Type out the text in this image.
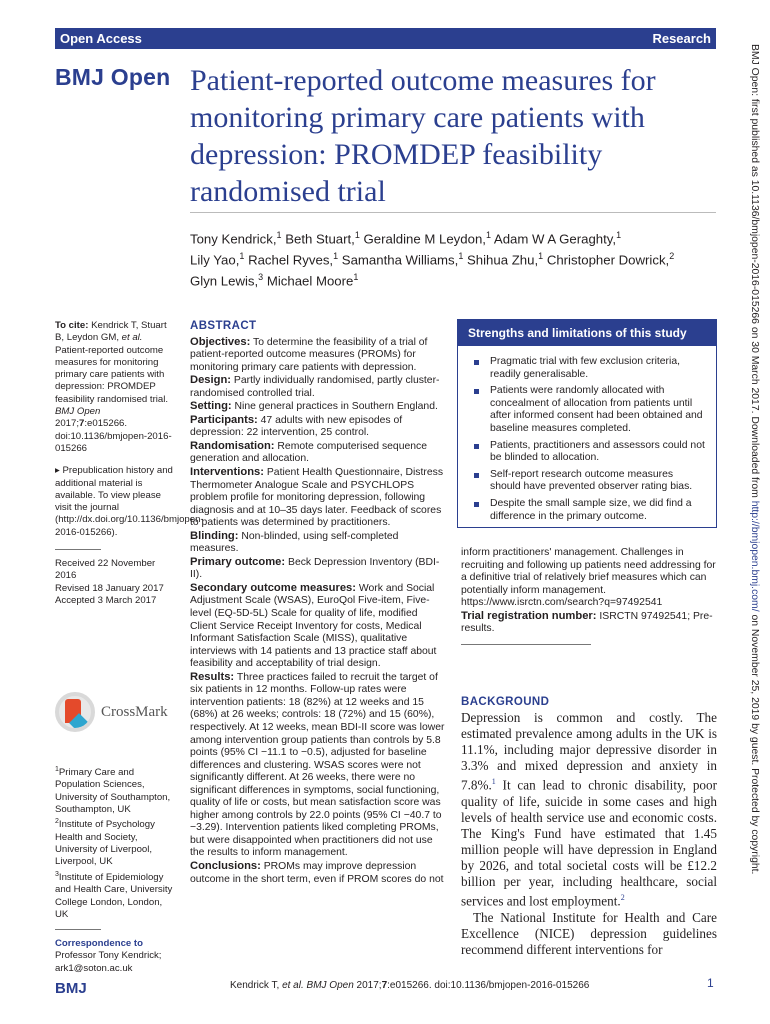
Open Access	Research
BMJ Open Patient-reported outcome measures for monitoring primary care patients with depression: PROMDEP feasibility randomised trial
Tony Kendrick,$^1$ Beth Stuart,$^1$ Geraldine M Leydon,$^1$ Adam W A Geraghty,$^1$
Lily Yao,$^1$ Rachel Ryves,$^1$ Samantha Williams,$^1$ Shihua Zhu,$^1$ Christopher Dowrick,$^2$
Glyn Lewis,$^3$ Michael Moore$^1$

To cite: Kendrick T, Stuart B, Leydon GM, et al. Patient-reported outcome measures for monitoring primary care patients with depression: PROMDEP feasibility randomised trial. BMJ Open 2017;7:e015266. doi:10.1136/bmjopen-2016-015266

▸ Prepublication history and additional material is available. To view please visit the journal (http://dx.doi.org/10.1136/bmjopen-2016-015266).

Received 22 November 2016

Revised 18 January 2017

Accepted 3 March 2017

CrossMark

$^1$Primary Care and Population Sciences, University of Southampton, Southampton, UK

$^2$Institute of Psychology Health and Society, University of Liverpool, Liverpool, UK

$^3$Institute of Epidemiology and Health Care, University College London, London, UK

Correspondence to

Professor Tony Kendrick; ark1@soton.ac.uk

ABSTRACT

Objectives: To determine the feasibility of a trial of patient-reported outcome measures (PROMs) for monitoring primary care patients with depression.

Design: Partly individually randomised, partly cluster-randomised controlled trial.

Setting: Nine general practices in Southern England.

Participants: 47 adults with new episodes of depression: 22 intervention, 25 control.

Randomisation: Remote computerised sequence generation and allocation.

Interventions: Patient Health Questionnaire, Distress Thermometer Analogue Scale and PSYCHLOPS problem profile for monitoring depression, following diagnosis and at 10–35 days later. Feedback of scores to patients was determined by practitioners.

Blinding: Non-blinded, using self-completed measures.

Primary outcome: Beck Depression Inventory (BDI-II).

Secondary outcome measures: Work and Social Adjustment Scale (WSAS), EuroQol Five-item, Five-level (EQ-5D-5L) Scale for quality of life, modified Client Service Receipt Inventory for costs, Medical Informant Satisfaction Scale (MISS), qualitative interviews with 14 patients and 13 practice staff about feasibility and acceptability of trial design.

Results: Three practices failed to recruit the target of six patients in 12 months. Follow-up rates were intervention patients: 18 (82%) at 12 weeks and 15 (68%) at 26 weeks; controls: 18 (72%) and 15 (60%), respectively. At 12 weeks, mean BDI-II score was lower among intervention group patients than controls by 5.8 points (95% CI −11.1 to −0.5), adjusted for baseline differences and clustering. WSAS scores were not significantly different. At 26 weeks, there were no significant differences in symptoms, social functioning, quality of life or costs, but mean satisfaction score was higher among controls by 22.0 points (95% CI −40.7 to −3.29). Intervention patients liked completing PROMs, but were disappointed when practitioners did not use the results to inform management.

Conclusions: PROMs may improve depression outcome in the short term, even if PROM scores do not

Strengths and limitations of this study
Pragmatic trial with few exclusion criteria, readily generalisable.
Patients were randomly allocated with concealment of allocation from patients until after informed consent had been obtained and baseline measures completed.
Patients, practitioners and assessors could not be blinded to allocation.
Self-report research outcome measures should have prevented observer rating bias.
Despite the small sample size, we did find a difference in the primary outcome.

inform practitioners' management. Challenges in recruiting and following up patients need addressing for a definitive trial of relatively brief measures which can potentially inform management. https://www.isrctn.com/search?q=97492541

Trial registration number: ISRCTN 97492541; Pre-results.

BACKGROUND

Depression is common and costly. The estimated prevalence among adults in the UK is 11.1%, including major depressive disorder in 3.3% and mixed depression and anxiety in 7.8%.$^1$ It can lead to chronic disability, poor quality of life, suicide in some cases and high levels of health service use and economic costs. The King's Fund have estimated that 1.45 million people will have depression in England by 2026, and total societal costs will be £12.2 billion per year, including healthcare, social services and lost employment.$^2$

The National Institute for Health and Care Excellence (NICE) depression guidelines recommend different interventions for

BMJ Open: first published as 10.1136/bmjopen-2016-015266 on 30 March 2017. Downloaded from http://bmjopen.bmj.com/ on November 25, 2019 by guest. Protected by copyright.
BMJ	Kendrick T, et al. BMJ Open 2017;7:e015266. doi:10.1136/bmjopen-2016-015266	1
